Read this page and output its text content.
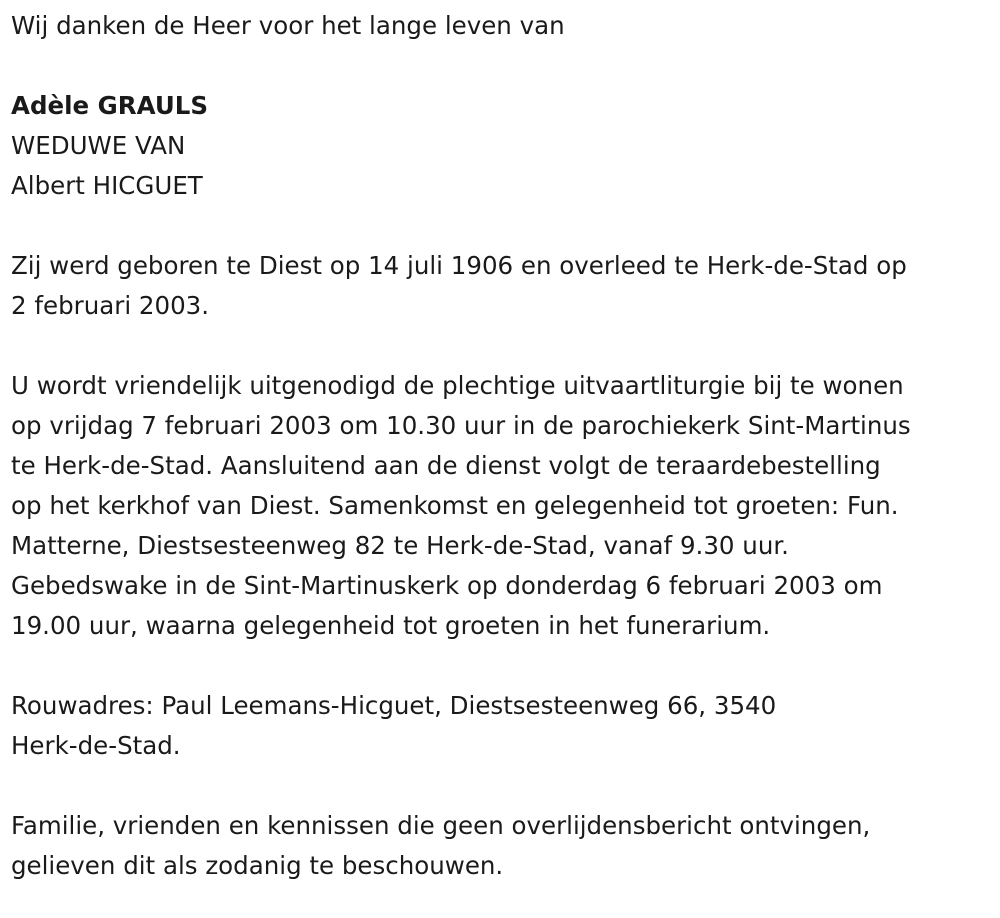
Wij danken de Heer voor het lange leven van
Adèle GRAULS
WEDUWE VAN
Albert HICGUET
Zij werd geboren te Diest op 14 juli 1906 en overleed te Herk-de-Stad op
2 februari 2003.
U wordt vriendelijk uitgenodigd de plechtige uitvaartliturgie bij te wonen
op vrijdag 7 februari 2003 om 10.30 uur in de parochiekerk Sint-Martinus
te Herk-de-Stad. Aansluitend aan de dienst volgt de teraardebestelling
op het kerkhof van Diest. Samenkomst en gelegenheid tot groeten: Fun.
Matterne, Diestsesteenweg 82 te Herk-de-Stad, vanaf 9.30 uur.
Gebedswake in de Sint-Martinuskerk op donderdag 6 februari 2003 om
19.00 uur, waarna gelegenheid tot groeten in het funerarium.
Rouwadres: Paul Leemans-Hicguet, Diestsesteenweg 66, 3540
Herk-de-Stad.
Familie, vrienden en kennissen die geen overlijdensbericht ontvingen,
gelieven dit als zodanig te beschouwen.
